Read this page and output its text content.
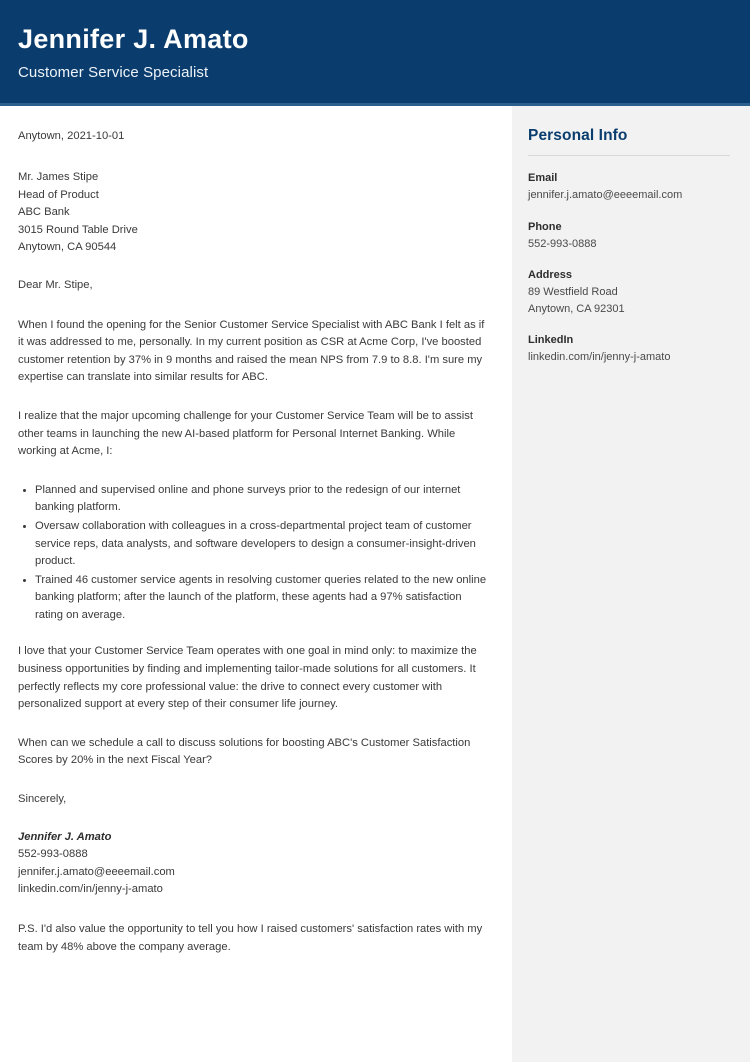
Jennifer J. Amato
Customer Service Specialist
Anytown, 2021-10-01
Mr. James Stipe
Head of Product
ABC Bank
3015 Round Table Drive
Anytown, CA 90544
Dear Mr. Stipe,

When I found the opening for the Senior Customer Service Specialist with ABC Bank I felt as if it was addressed to me, personally. In my current position as CSR at Acme Corp, I've boosted customer retention by 37% in 9 months and raised the mean NPS from 7.9 to 8.8. I'm sure my expertise can translate into similar results for ABC.

I realize that the major upcoming challenge for your Customer Service Team will be to assist other teams in launching the new AI-based platform for Personal Internet Banking. While working at Acme, I:

Planned and supervised online and phone surveys prior to the redesign of our internet banking platform.
Oversaw collaboration with colleagues in a cross-departmental project team of customer service reps, data analysts, and software developers to design a consumer-insight-driven product.
Trained 46 customer service agents in resolving customer queries related to the new online banking platform; after the launch of the platform, these agents had a 97% satisfaction rating on average.

I love that your Customer Service Team operates with one goal in mind only: to maximize the business opportunities by finding and implementing tailor-made solutions for all customers. It perfectly reflects my core professional value: the drive to connect every customer with personalized support at every step of their consumer life journey.

When can we schedule a call to discuss solutions for boosting ABC's Customer Satisfaction Scores by 20% in the next Fiscal Year?

Sincerely,
Jennifer J. Amato
552-993-0888
jennifer.j.amato@eeeemail.com
linkedin.com/in/jenny-j-amato

P.S. I'd also value the opportunity to tell you how I raised customers' satisfaction rates with my team by 48% above the company average.

Personal Info
Email
jennifer.j.amato@eeeemail.com
Phone
552-993-0888
Address
89 Westfield Road
Anytown, CA 92301
LinkedIn
linkedin.com/in/jenny-j-amato
